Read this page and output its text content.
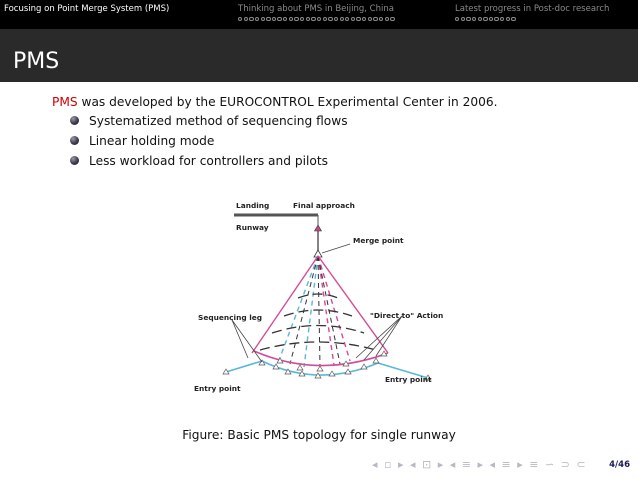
Focusing on Point Merge System (PMS)	Thinking about PMS in Beijing, China	Latest progress in Post-doc research
PMS
PMS was developed by the EUROCONTROL Experimental Center in 2006.
Systematized method of sequencing flows
Linear holding mode
Less workload for controllers and pilots
Landing	Final approach
Runway
Merge point
Sequencing leg	"Direct to" Action
Entry point
Entry point
Figure: Basic PMS topology for single runway
◂ ▫ ▸ ◂ ⊡ ▸ ◂ ≡ ▸ ◂ ≡ ▸ ≡ ∽ ⊃ ⊂	4/46
